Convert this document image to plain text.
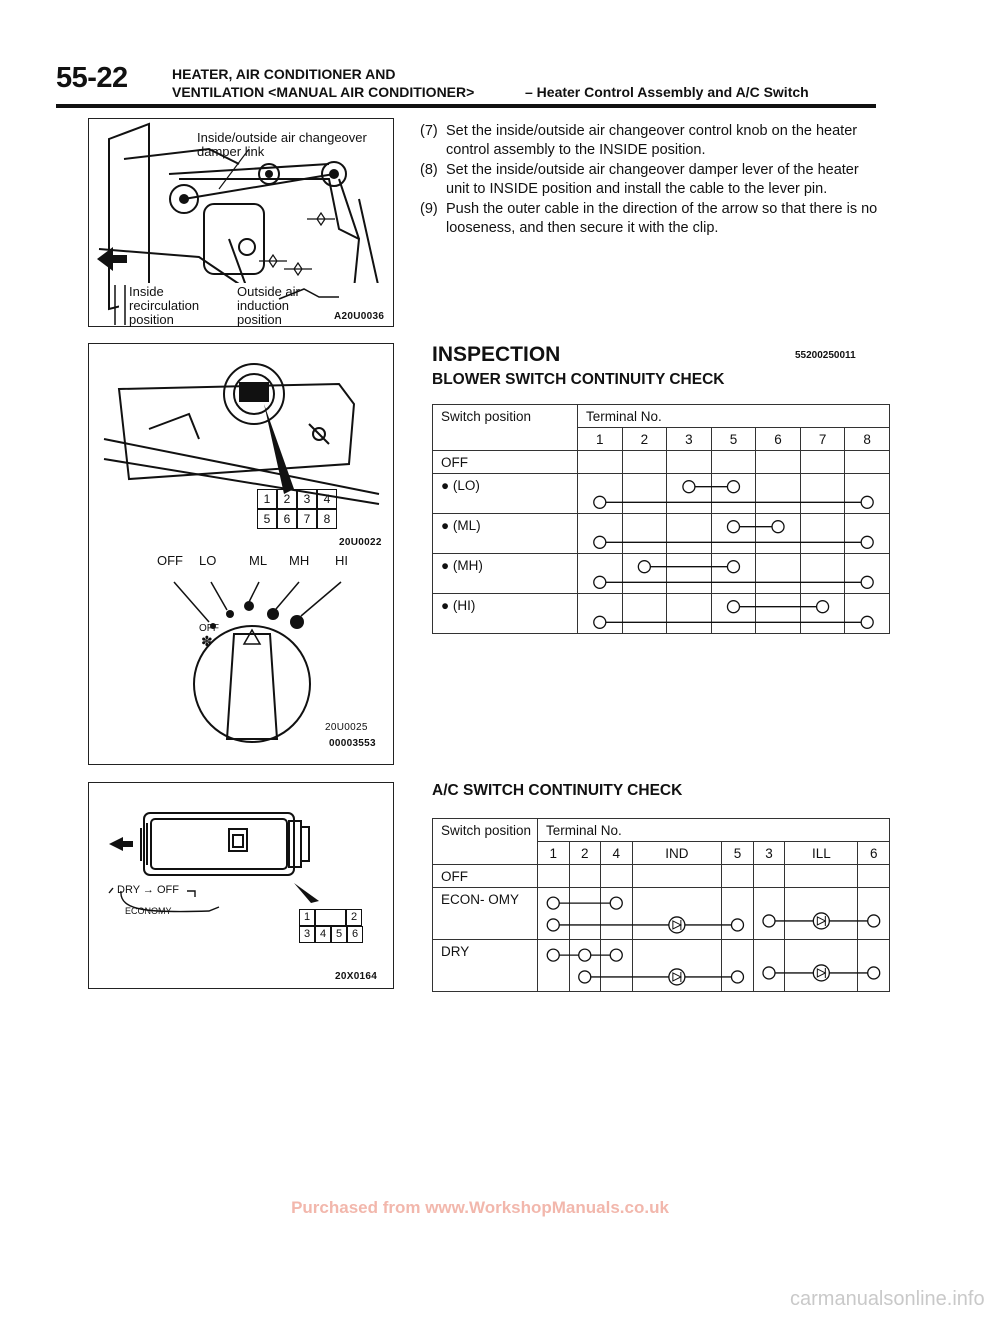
55-22	HEATER, AIR CONDITIONER AND
VENTILATION <MANUAL AIR CONDITIONER>	– Heater Control Assembly and A/C Switch
Inside/outside air changeover damper link
Inside recirculation position
Outside air induction position	A20U0036
1	2	3	4
5	6	7	8
20U0022
OFF LO	ML MH HI
OFF
✽
20U0025
00003553
DRY → OFF
ECONOMY	1	2
3 4 5 6
20X0164
(7) Set the inside/outside air changeover control knob on the heater control assembly to the INSIDE position.
(8) Set the inside/outside air changeover damper lever of the heater unit to INSIDE position and install the cable to the lever pin.
(9) Push the outer cable in the direction of the arrow so that there is no looseness, and then secure it with the clip.
INSPECTION	55200250011
BLOWER SWITCH CONTINUITY CHECK
Switch position	Terminal No.						
	1	2	3	5	6	7	8
OFF							
● (LO)							
● (ML)							
● (MH)							
● (HI)							
A/C SWITCH CONTINUITY CHECK
Switch position	Terminal No.							
	1	2	4	IND	5	3	ILL	6
OFF								
ECON- OMY								
DRY								
Purchased from www.WorkshopManuals.co.uk
carmanualsonline.info
